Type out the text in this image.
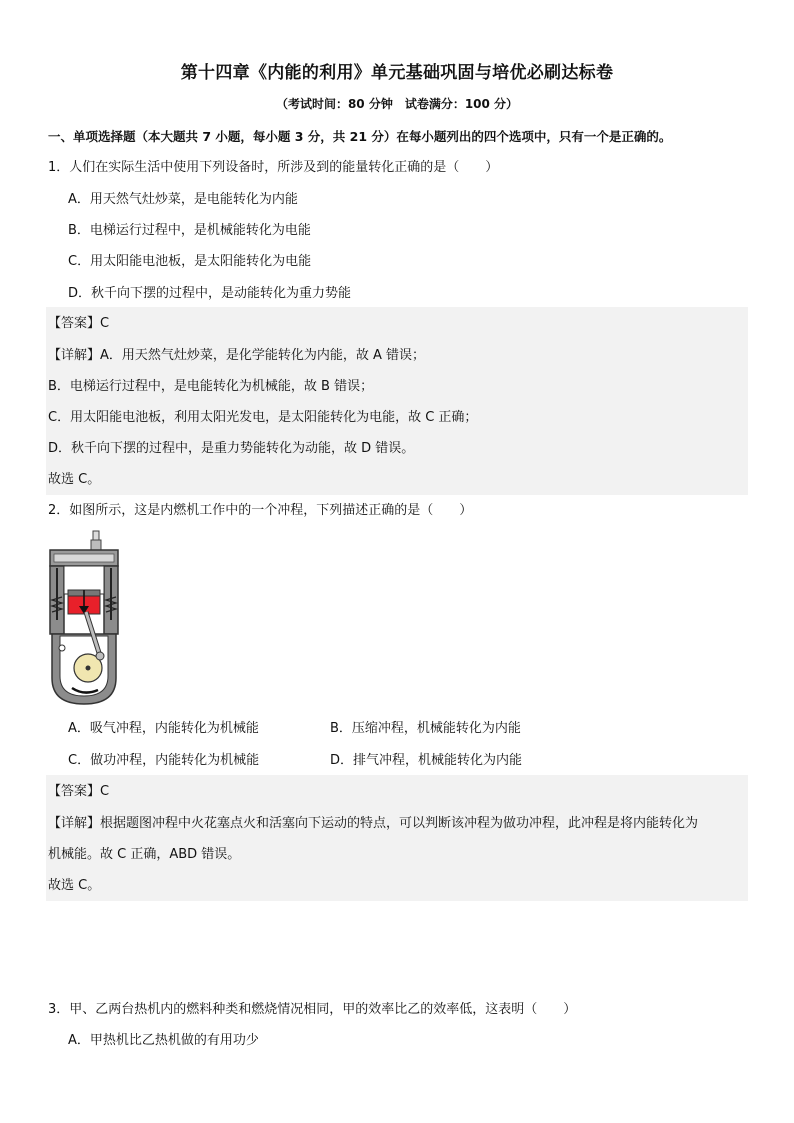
第十四章《内能的利用》单元基础巩固与培优必刷达标卷
（考试时间：80 分钟　试卷满分：100 分）
一、单项选择题（本大题共 7 小题，每小题 3 分，共 21 分）在每小题列出的四个选项中，只有一个是正确的。
1．人们在实际生活中使用下列设备时，所涉及到的能量转化正确的是（　　）
A．用天然气灶炒菜，是电能转化为内能
B．电梯运行过程中，是机械能转化为电能
C．用太阳能电池板，是太阳能转化为电能
D．秋千向下摆的过程中，是动能转化为重力势能
【答案】C
【详解】A．用天然气灶炒菜，是化学能转化为内能，故 A 错误；
B．电梯运行过程中，是电能转化为机械能，故 B 错误；
C．用太阳能电池板，利用太阳光发电，是太阳能转化为电能，故 C 正确；
D．秋千向下摆的过程中，是重力势能转化为动能，故 D 错误。
故选 C。
2．如图所示，这是内燃机工作中的一个冲程，下列描述正确的是（　　）
A．吸气冲程，内能转化为机械能	B．压缩冲程，机械能转化为内能
C．做功冲程，内能转化为机械能	D．排气冲程，机械能转化为内能
【答案】C
【详解】根据题图冲程中火花塞点火和活塞向下运动的特点，可以判断该冲程为做功冲程，此冲程是将内能转化为
机械能。故 C 正确，ABD 错误。
故选 C。
3．甲、乙两台热机内的燃料种类和燃烧情况相同，甲的效率比乙的效率低，这表明（　　）
A．甲热机比乙热机做的有用功少
